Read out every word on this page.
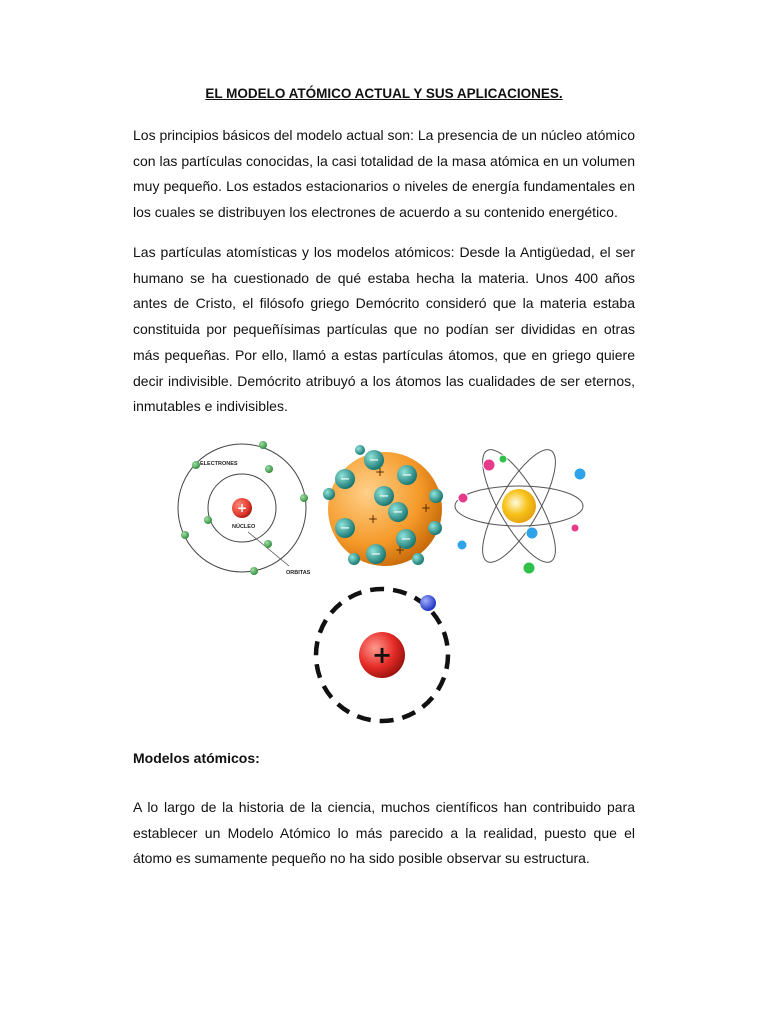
EL MODELO ATÓMICO ACTUAL Y SUS APLICACIONES.

Los principios básicos del modelo actual son: La presencia de un núcleo atómico con las partículas conocidas, la casi totalidad de la masa atómica en un volumen muy pequeño. Los estados estacionarios o niveles de energía fundamentales en los cuales se distribuyen los electrones de acuerdo a su contenido energético.

Las partículas atomísticas y los modelos atómicos: Desde la Antigüedad, el ser humano se ha cuestionado de qué estaba hecha la materia. Unos 400 años antes de Cristo, el filósofo griego Demócrito consideró que la materia estaba constituida por pequeñísimas partículas que no podían ser divididas en otras más pequeñas. Por ello, llamó a estas partículas átomos, que en griego quiere decir indivisible. Demócrito atribuyó a los átomos las cualidades de ser eternos, inmutables e indivisibles.

+
NÚCLEO
ELECTRONES
ORBITAS
−
−	−
−
−
−
−
−
+
+
+
+
+
Modelos atómicos:

A lo largo de la historia de la ciencia, muchos científicos han contribuido para establecer un Modelo Atómico lo más parecido a la realidad, puesto que el átomo es sumamente pequeño no ha sido posible observar su estructura.
